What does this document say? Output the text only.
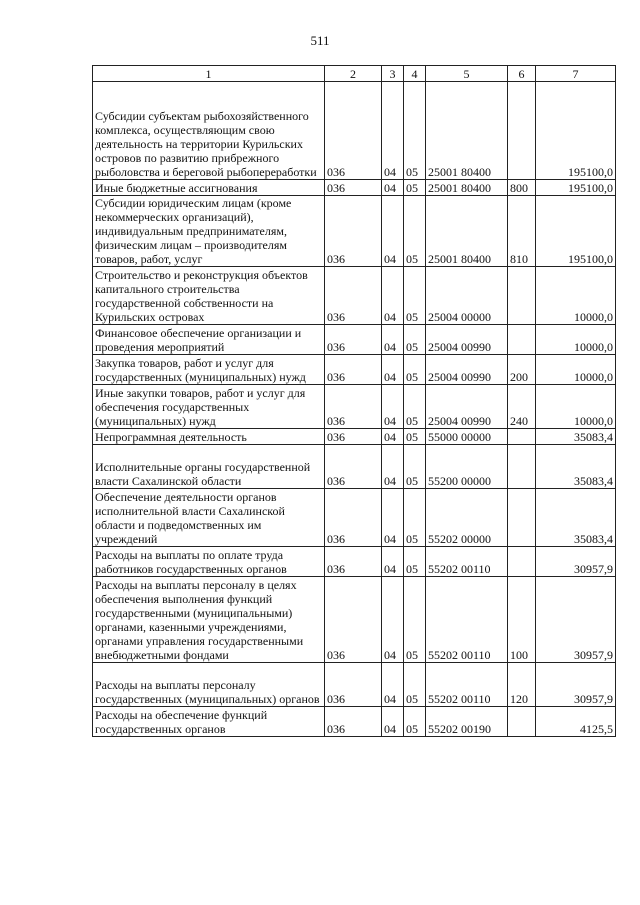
511
1	2	3	4	5	6	7
Субсидии субъектам рыбохозяйственного комплекса, осуществляющим свою деятельность на территории Курильских островов по развитию прибрежного рыболовства и береговой рыбопереработки	036	04	05	25001 80400		195100,0
Иные бюджетные ассигнования	036	04	05	25001 80400	800	195100,0
Субсидии юридическим лицам (кроме некоммерческих организаций), индивидуальным предпринимателям, физическим лицам – производителям товаров, работ, услуг	036	04	05	25001 80400	810	195100,0
Строительство и реконструкция объектов капитального строительства государственной собственности на Курильских островах	036	04	05	25004 00000		10000,0
Финансовое обеспечение организации и проведения мероприятий	036	04	05	25004 00990		10000,0
Закупка товаров, работ и услуг для государственных (муниципальных) нужд	036	04	05	25004 00990	200	10000,0
Иные закупки товаров, работ и услуг для обеспечения государственных (муниципальных) нужд	036	04	05	25004 00990	240	10000,0
Непрограммная деятельность	036	04	05	55000 00000		35083,4
Исполнительные органы государственной власти Сахалинской области	036	04	05	55200 00000		35083,4
Обеспечение деятельности органов исполнительной власти Сахалинской области и подведомственных им учреждений	036	04	05	55202 00000		35083,4
Расходы на выплаты по оплате труда работников государственных органов	036	04	05	55202 00110		30957,9
Расходы на выплаты персоналу в целях обеспечения выполнения функций государственными (муниципальными) органами, казенными учреждениями, органами управления государственными внебюджетными фондами	036	04	05	55202 00110	100	30957,9
Расходы на выплаты персоналу государственных (муниципальных) органов	036	04	05	55202 00110	120	30957,9
Расходы на обеспечение функций государственных органов	036	04	05	55202 00190		4125,5
